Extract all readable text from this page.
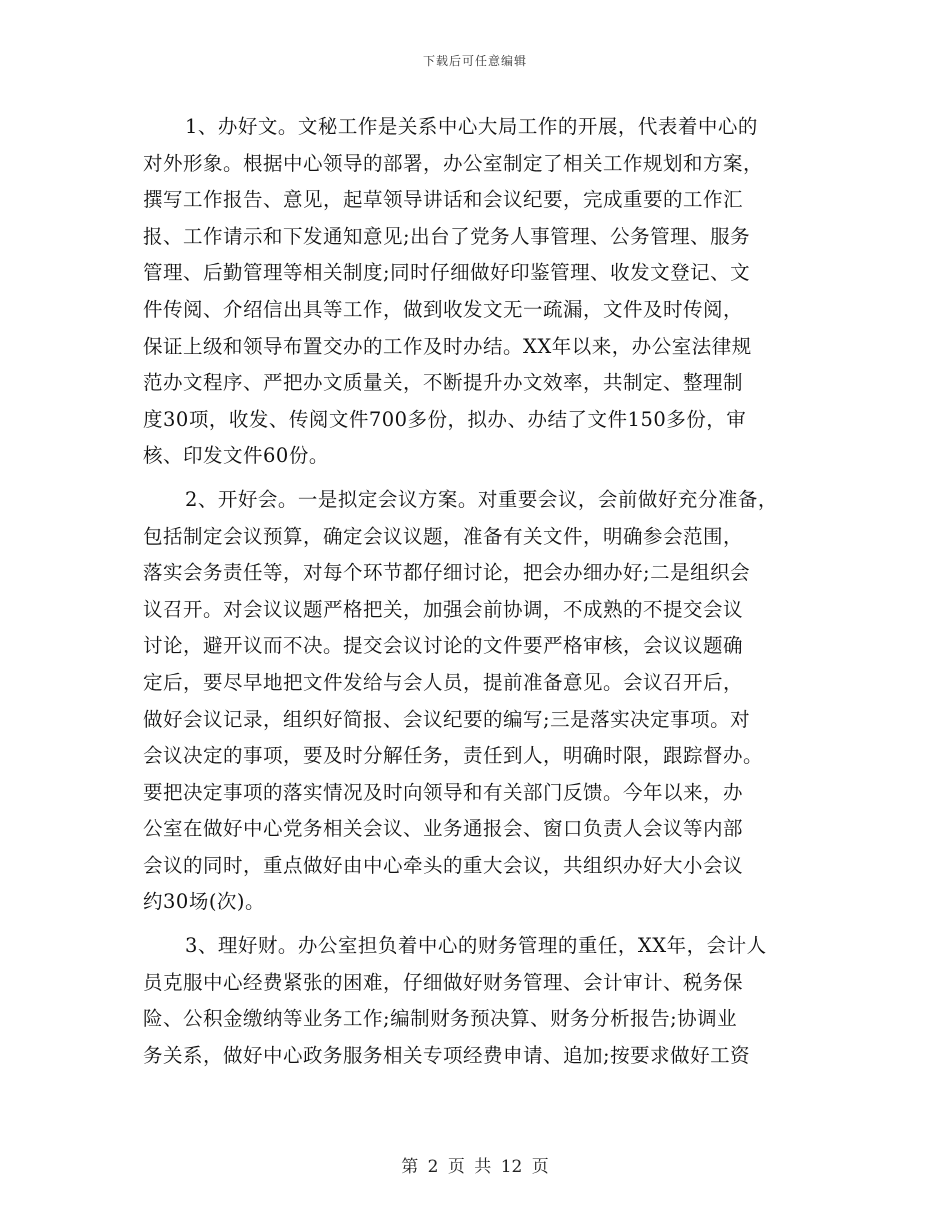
下载后可任意编辑
1、办好文。文秘工作是关系中心大局工作的开展，代表着中心的
对外形象。根据中心领导的部署，办公室制定了相关工作规划和方案，
撰写工作报告、意见，起草领导讲话和会议纪要，完成重要的工作汇
报、工作请示和下发通知意见;出台了党务人事管理、公务管理、服务
管理、后勤管理等相关制度;同时仔细做好印鉴管理、收发文登记、文
件传阅、介绍信出具等工作，做到收发文无一疏漏，文件及时传阅，
保证上级和领导布置交办的工作及时办结。XX年以来，办公室法律规
范办文程序、严把办文质量关，不断提升办文效率，共制定、整理制
度30项，收发、传阅文件700多份，拟办、办结了文件150多份，审
核、印发文件60份。
2、开好会。一是拟定会议方案。对重要会议，会前做好充分准备，
包括制定会议预算，确定会议议题，准备有关文件，明确参会范围，
落实会务责任等，对每个环节都仔细讨论，把会办细办好;二是组织会
议召开。对会议议题严格把关，加强会前协调，不成熟的不提交会议
讨论，避开议而不决。提交会议讨论的文件要严格审核，会议议题确
定后，要尽早地把文件发给与会人员，提前准备意见。会议召开后，
做好会议记录，组织好简报、会议纪要的编写;三是落实决定事项。对
会议决定的事项，要及时分解任务，责任到人，明确时限，跟踪督办。
要把决定事项的落实情况及时向领导和有关部门反馈。今年以来，办
公室在做好中心党务相关会议、业务通报会、窗口负责人会议等内部
会议的同时，重点做好由中心牵头的重大会议，共组织办好大小会议
约30场(次)。
3、理好财。办公室担负着中心的财务管理的重任，XX年，会计人
员克服中心经费紧张的困难，仔细做好财务管理、会计审计、税务保
险、公积金缴纳等业务工作;编制财务预决算、财务分析报告;协调业
务关系，做好中心政务服务相关专项经费申请、追加;按要求做好工资
第 2 页 共 12 页
